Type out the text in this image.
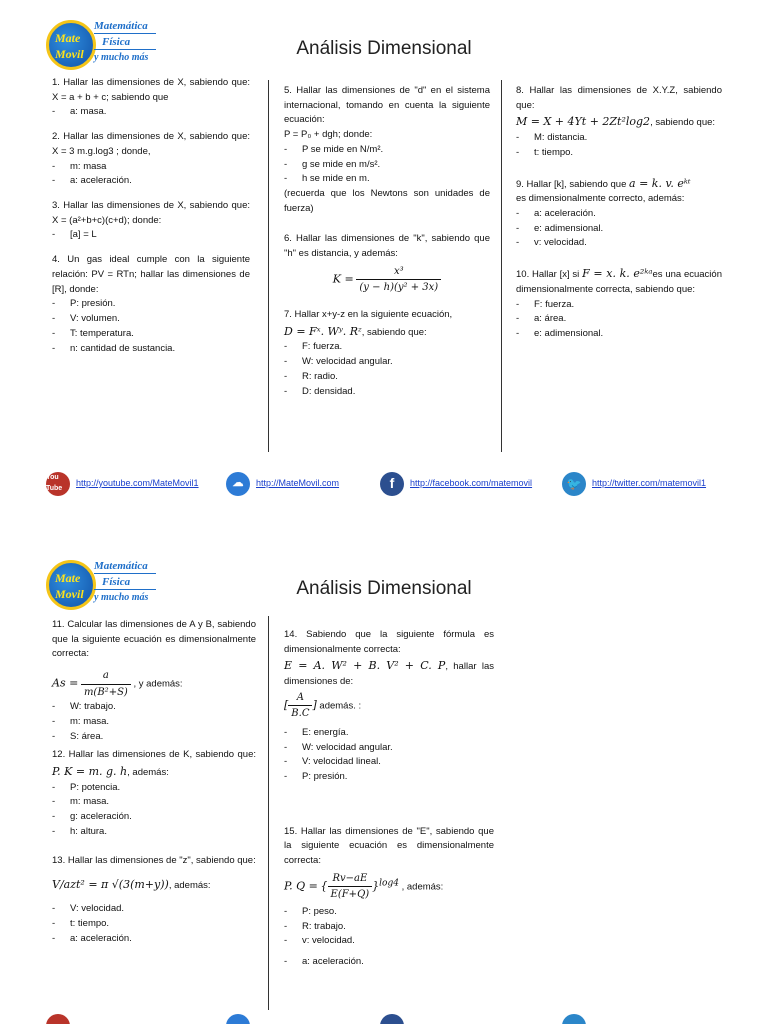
Mate
Movil
Matemática
Física
y mucho más	Análisis Dimensional

1. Hallar las dimensiones de X, sabiendo que: X = a + b + c; sabiendo que

- a: masa.

2. Hallar las dimensiones de X, sabiendo que: X = 3 m.g.log3 ; donde,

- m: masa
- a: aceleración.

3. Hallar las dimensiones de X, sabiendo que: X = (a²+b+c)(c+d); donde:

- [a] = L

4. Un gas ideal cumple con la siguiente relación: PV = RTn; hallar las dimensiones de [R], donde:

- P: presión.
- V: volumen.
- T: temperatura.
- n: cantidad de sustancia.

5. Hallar las dimensiones de "d" en el sistema internacional, tomando en cuenta la siguiente ecuación:

P = P₀ + dgh; donde:

- P se mide en N/m².
- g se mide en m/s².
- h se mide en m.

(recuerda que los Newtons son unidades de fuerza)

6. Hallar las dimensiones de "k", sabiendo que "h" es distancia, y además:

$K = \frac{\text{x³}}{\text{(y − h)(y² + 3x)}}$

7. Hallar x+y-z en la siguiente ecuación,

D = Fˣ. Wʸ. Rᶻ, sabiendo que:

- F: fuerza.
- W: velocidad angular.
- R: radio.
- D: densidad.

8. Hallar las dimensiones de X.Y.Z, sabiendo que:

M = X + 4Yt + 2Zt²log2, sabiendo que:

- M: distancia.
- t: tiempo.

9. Hallar [k], sabiendo que a = k. v. eᵏᵗ

es dimensionalmente correcto, además:

- a: aceleración.
- e: adimensional.
- v: velocidad.

10. Hallar [x] si F = x. k. e²ᵏᵃes una ecuación dimensionalmente correcta, sabiendo que:

- F: fuerza.
- a: área.
- e: adimensional.
You Tube
http://youtube.com/MateMovil1	☁	http://MateMovil.com	f	http://facebook.com/matemovil	🐦	http://twitter.com/matemovil1
Mate
Movil
Matemática
Física
y mucho más	Análisis Dimensional

11. Calcular las dimensiones de A y B, sabiendo que la siguiente ecuación es dimensionalmente correcta:

$As = \frac{a}{\text{m(B²+S)}}$ , y además:

- W: trabajo.
- m: masa.
- S: área.

12. Hallar las dimensiones de K, sabiendo que: P. K = m. g. h, además:

- P: potencia.
- m: masa.
- g: aceleración.
- h: altura.

13. Hallar las dimensiones de "z", sabiendo que:

V/azt² = π √(3(m+y)), además:

- V: velocidad.
- t: tiempo.
- a: aceleración.

14. Sabiendo que la siguiente fórmula es dimensionalmente correcta:

E = A. W² + B. V² + C. P, hallar las dimensiones de:

[ $\frac{A}{B.C}$ ] además. :

- E: energía.
- W: velocidad angular.
- V: velocidad lineal.
- P: presión.

15. Hallar las dimensiones de "E", sabiendo que la siguiente ecuación es dimensionalmente correcta:

P. Q = { $\frac{Rv-aE}{E(F+Q)} \}^{log4}$ , además:

- P: peso.
- R: trabajo.
- v: velocidad.
- a: aceleración.
